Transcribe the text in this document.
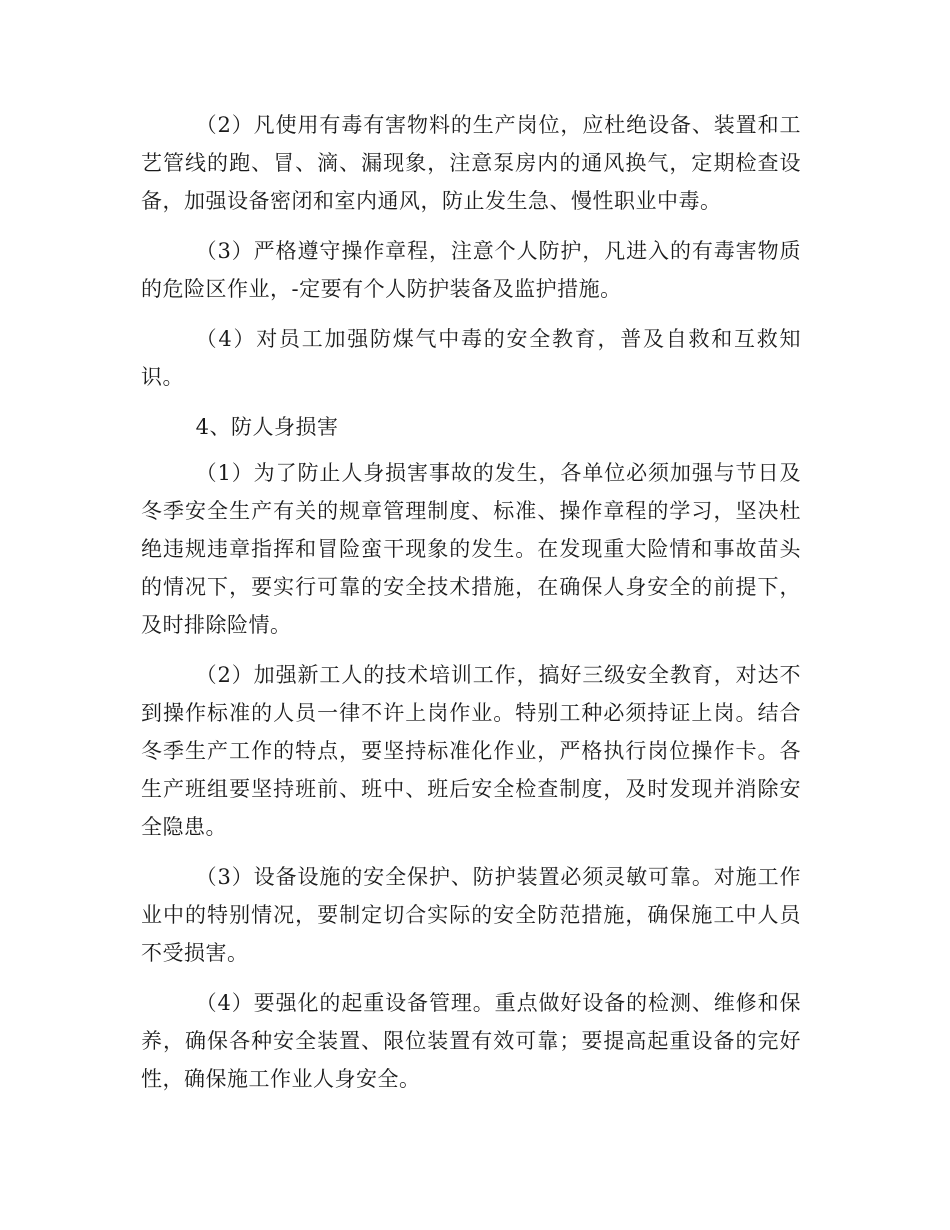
（2）凡使用有毒有害物料的生产岗位，应杜绝设备、装置和工艺管线的跑、冒、滴、漏现象，注意泵房内的通风换气，定期检查设备，加强设备密闭和室内通风，防止发生急、慢性职业中毒。

（3）严格遵守操作章程，注意个人防护，凡进入的有毒害物质的危险区作业，-定要有个人防护装备及监护措施。

（4）对员工加强防煤气中毒的安全教育，普及自救和互救知识。

4、防人身损害

（1）为了防止人身损害事故的发生，各单位必须加强与节日及冬季安全生产有关的规章管理制度、标准、操作章程的学习，坚决杜绝违规违章指挥和冒险蛮干现象的发生。在发现重大险情和事故苗头的情况下，要实行可靠的安全技术措施，在确保人身安全的前提下，及时排除险情。

（2）加强新工人的技术培训工作，搞好三级安全教育，对达不到操作标准的人员一律不许上岗作业。特别工种必须持证上岗。结合冬季生产工作的特点，要坚持标准化作业，严格执行岗位操作卡。各生产班组要坚持班前、班中、班后安全检查制度，及时发现并消除安全隐患。

（3）设备设施的安全保护、防护装置必须灵敏可靠。对施工作业中的特别情况，要制定切合实际的安全防范措施，确保施工中人员不受损害。

（4）要强化的起重设备管理。重点做好设备的检测、维修和保养，确保各种安全装置、限位装置有效可靠；要提高起重设备的完好性，确保施工作业人身安全。
